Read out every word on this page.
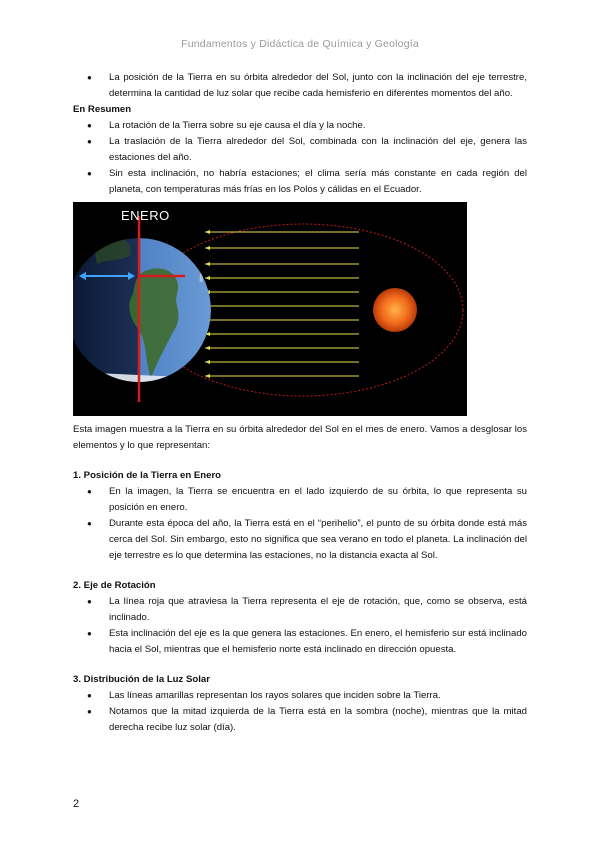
Fundamentos y Didáctica de Química y Geología
● La posición de la Tierra en su órbita alrededor del Sol, junto con la inclinación del eje terrestre, determina la cantidad de luz solar que recibe cada hemisferio en diferentes momentos del año.
En Resumen
● La rotación de la Tierra sobre su eje causa el día y la noche.
● La traslación de la Tierra alrededor del Sol, combinada con la inclinación del eje, genera las estaciones del año.
● Sin esta inclinación, no habría estaciones; el clima sería más constante en cada región del planeta, con temperaturas más frías en los Polos y cálidas en el Ecuador.
ENERO
Esta imagen muestra a la Tierra en su órbita alrededor del Sol en el mes de enero. Vamos a desglosar los elementos y lo que representan:
1. Posición de la Tierra en Enero
● En la imagen, la Tierra se encuentra en el lado izquierdo de su órbita, lo que representa su posición en enero.
● Durante esta época del año, la Tierra está en el “perihelio”, el punto de su órbita donde está más cerca del Sol. Sin embargo, esto no significa que sea verano en todo el planeta. La inclinación del eje terrestre es lo que determina las estaciones, no la distancia exacta al Sol.
2. Eje de Rotación
● La línea roja que atraviesa la Tierra representa el eje de rotación, que, como se observa, está inclinado.
● Esta inclinación del eje es la que genera las estaciones. En enero, el hemisferio sur está inclinado hacia el Sol, mientras que el hemisferio norte está inclinado en dirección opuesta.
3. Distribución de la Luz Solar
● Las líneas amarillas representan los rayos solares que inciden sobre la Tierra.
● Notamos que la mitad izquierda de la Tierra está en la sombra (noche), mientras que la mitad derecha recibe luz solar (día).
2
